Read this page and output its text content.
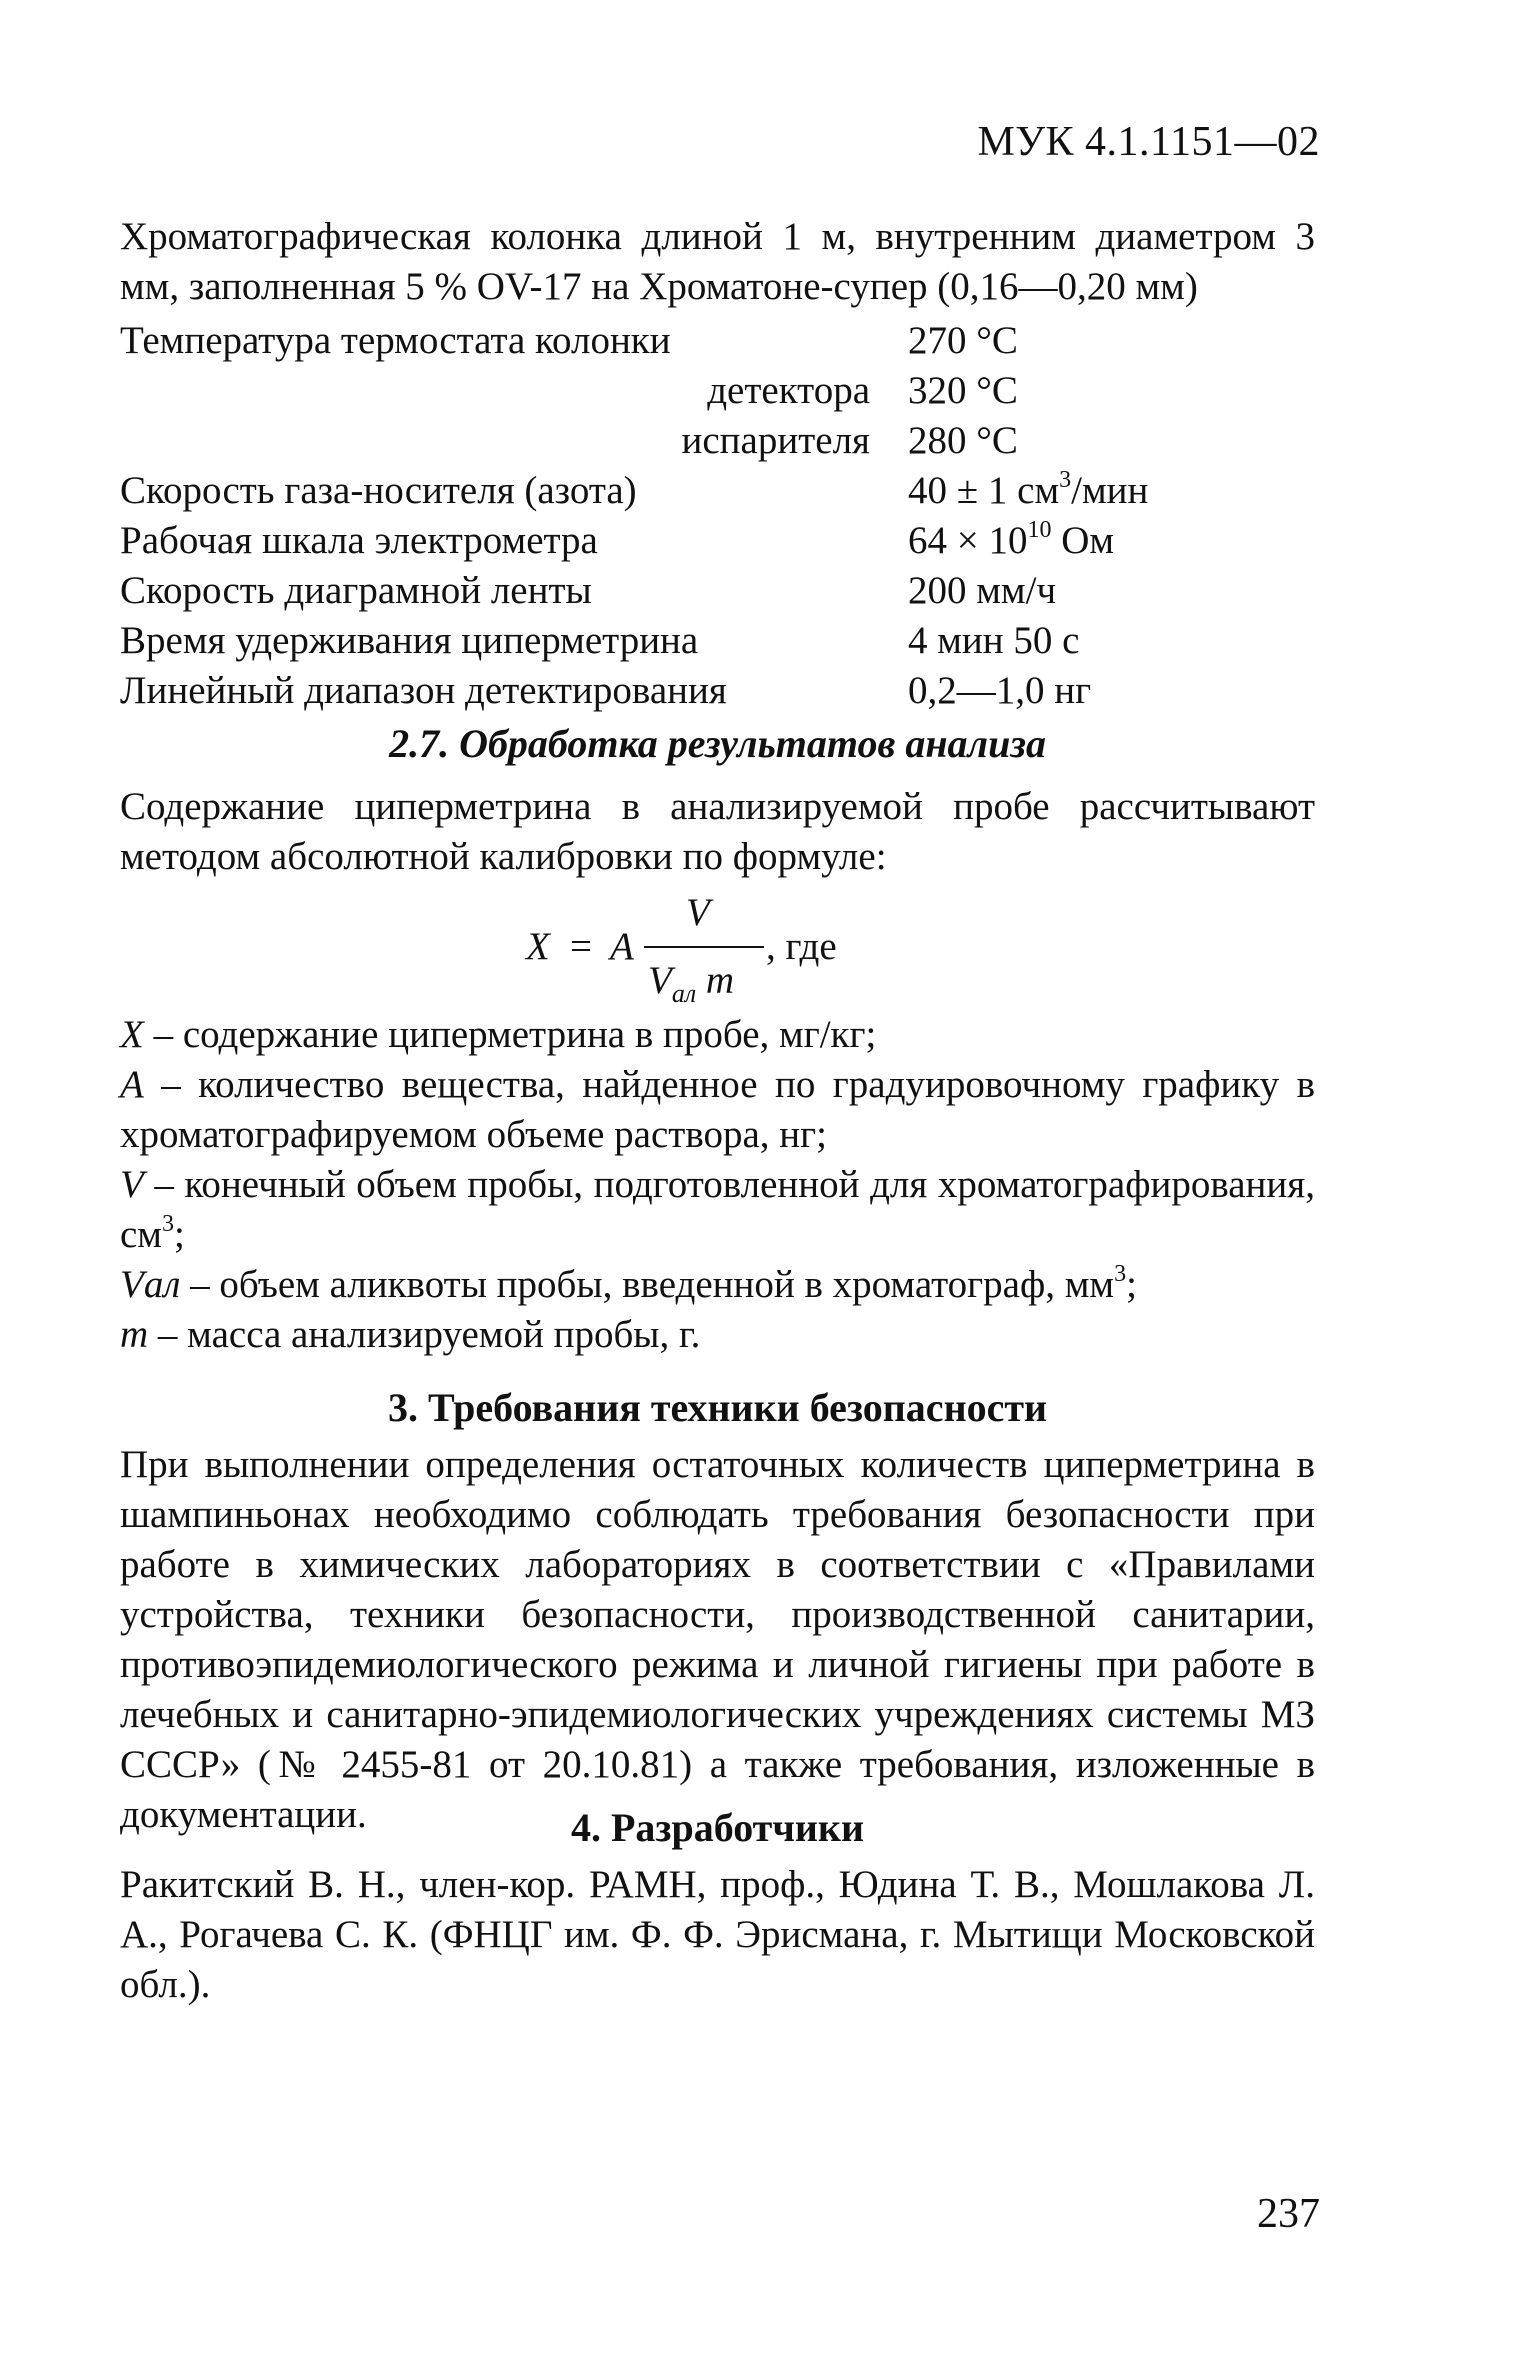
МУК 4.1.1151—02
Хроматографическая колонка длиной 1 м, внутренним диаметром 3 мм, заполненная 5 % OV-17 на Хроматоне-супер (0,16—0,20 мм)
Температура термостата колонки	270 °C
детектора 320 °C
испарителя 280 °C
Скорость газа-носителя (азота)	40 ± 1 $см^3$/мин
Рабочая шкала электрометра	$64 \times 10^{10}$ Ом
Скорость диаграмной ленты	200 мм/ч
Время удерживания циперметрина	4 мин 50 с
Линейный диапазон детектирования	0,2—1,0 нг
2.7. Обработка результатов анализа
Содержание циперметрина в анализируемой пробе рассчитывают методом абсолютной калибровки по формуле:
X = A
V
$V_{ал}$ m
, где
X – содержание циперметрина в пробе, мг/кг;
A – количество вещества, найденное по градуировочному графику в хроматографируемом объеме раствора, нг;
V – конечный объем пробы, подготовленной для хроматографирования, $см^3$;
Vал – объем аликвоты пробы, введенной в хроматограф, $мм^3$;
m – масса анализируемой пробы, г.
3. Требования техники безопасности
При выполнении определения остаточных количеств циперметрина в шампиньонах необходимо соблюдать требования безопасности при работе в химических лабораториях в соответствии с «Правилами устройства, техники безопасности, производственной санитарии, противоэпидемиологического режима и личной гигиены при работе в лечебных и санитарно-эпидемиологических учреждениях системы МЗ СССР» (№ 2455-81 от 20.10.81) а также требования, изложенные в документации.	4. Разработчики
Ракитский В. Н., член-кор. РАМН, проф., Юдина Т. В., Мошлакова Л. А., Рогачева С. К. (ФНЦГ им. Ф. Ф. Эрисмана, г. Мытищи Московской обл.).
237
